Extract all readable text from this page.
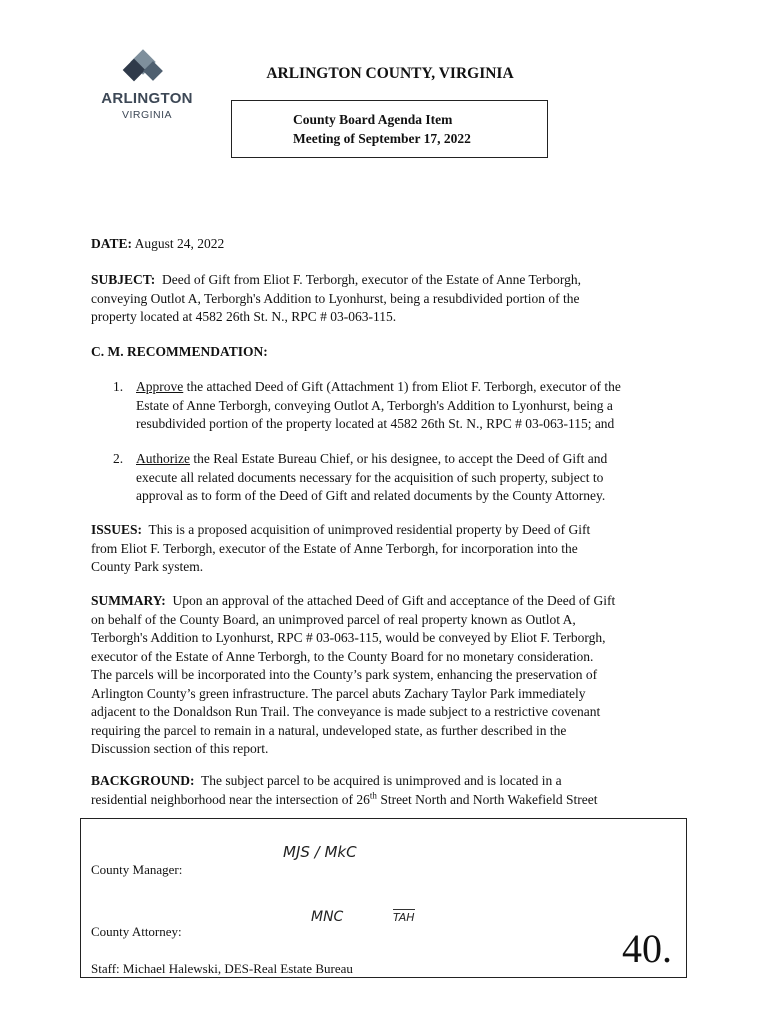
ARLINGTON
VIRGINIA
ARLINGTON COUNTY, VIRGINIA
County Board Agenda Item
Meeting of September 17, 2022
DATE: August 24, 2022
SUBJECT: Deed of Gift from Eliot F. Terborgh, executor of the Estate of Anne Terborgh,
conveying Outlot A, Terborgh's Addition to Lyonhurst, being a resubdivided portion of the
property located at 4582 26th St. N., RPC # 03-063-115.
C. M. RECOMMENDATION:
1. Approve the attached Deed of Gift (Attachment 1) from Eliot F. Terborgh, executor of the
Estate of Anne Terborgh, conveying Outlot A, Terborgh's Addition to Lyonhurst, being a
resubdivided portion of the property located at 4582 26th St. N., RPC # 03-063-115; and
2. Authorize the Real Estate Bureau Chief, or his designee, to accept the Deed of Gift and
execute all related documents necessary for the acquisition of such property, subject to
approval as to form of the Deed of Gift and related documents by the County Attorney.
ISSUES: This is a proposed acquisition of unimproved residential property by Deed of Gift
from Eliot F. Terborgh, executor of the Estate of Anne Terborgh, for incorporation into the
County Park system.
SUMMARY: Upon an approval of the attached Deed of Gift and acceptance of the Deed of Gift
on behalf of the County Board, an unimproved parcel of real property known as Outlot A,
Terborgh's Addition to Lyonhurst, RPC # 03-063-115, would be conveyed by Eliot F. Terborgh,
executor of the Estate of Anne Terborgh, to the County Board for no monetary consideration.
The parcels will be incorporated into the County’s park system, enhancing the preservation of
Arlington County’s green infrastructure. The parcel abuts Zachary Taylor Park immediately
adjacent to the Donaldson Run Trail. The conveyance is made subject to a restrictive covenant
requiring the parcel to remain in a natural, undeveloped state, as further described in the
Discussion section of this report.
BACKGROUND: The subject parcel to be acquired is unimproved and is located in a
residential neighborhood near the intersection of 26th Street North and North Wakefield Street
County Manager:
MJS / MkC
County Attorney:
MNC	TAH
Staff: Michael Halewski, DES-Real Estate Bureau	40.
